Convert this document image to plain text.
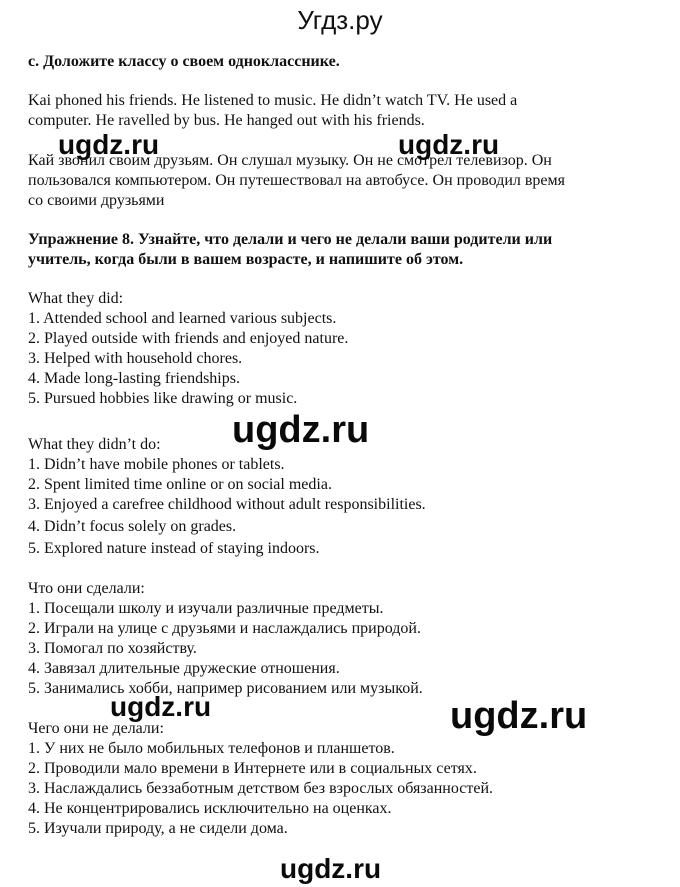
Угдз.ру
c. Доложите классу о своем однокласснике.
Kai phoned his friends. He listened to music. He didn’t watch TV. He used a
computer. He ravelled by bus. He hanged out with his friends.
Кай звонил своим друзьям. Он слушал музыку. Он не смотрел телевизор. Он
пользовался компьютером. Он путешествовал на автобусе. Он проводил время
со своими друзьями
Упражнение 8. Узнайте, что делали и чего не делали ваши родители или
учитель, когда были в вашем возрасте, и напишите об этом.
What they did:
1. Attended school and learned various subjects.
2. Played outside with friends and enjoyed nature.
3. Helped with household chores.
4. Made long-lasting friendships.
5. Pursued hobbies like drawing or music.
What they didn’t do:
1. Didn’t have mobile phones or tablets.
2. Spent limited time online or on social media.
3. Enjoyed a carefree childhood without adult responsibilities.
4. Didn’t focus solely on grades.
5. Explored nature instead of staying indoors.
Что они сделали:
1. Посещали школу и изучали различные предметы.
2. Играли на улице с друзьями и наслаждались природой.
3. Помогал по хозяйству.
4. Завязал длительные дружеские отношения.
5. Занимались хобби, например рисованием или музыкой.
Чего они не делали:
1. У них не было мобильных телефонов и планшетов.
2. Проводили мало времени в Интернете или в социальных сетях.
3. Наслаждались беззаботным детством без взрослых обязанностей.
4. Не концентрировались исключительно на оценках.
5. Изучали природу, а не сидели дома.
ugdz.ru	ugdz.ru
ugdz.ru
ugdz.ru	ugdz.ru
ugdz.ru
